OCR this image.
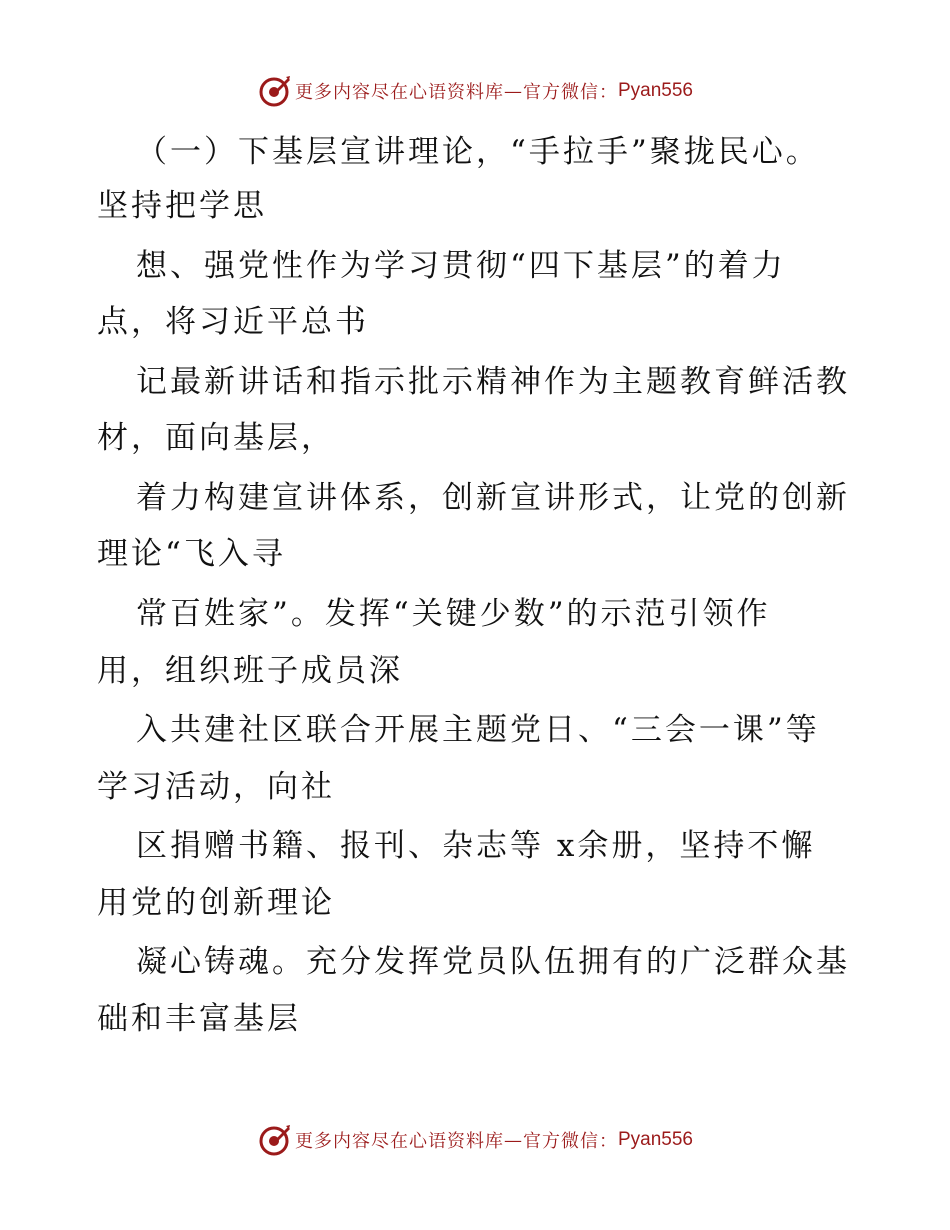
更多内容尽在心语资料库 — 官方微信： Pyan556
（一）下基层宣讲理论，“手拉手”聚拢民心。
坚持把学思
想、强党性作为学习贯彻“四下基层”的着力
点，将习近平总书
记最新讲话和指示批示精神作为主题教育鲜活教
材，面向基层，
着力构建宣讲体系，创新宣讲形式，让党的创新
理论“飞入寻
常百姓家”。发挥“关键少数”的示范引领作
用，组织班子成员深
入共建社区联合开展主题党日、“三会一课”等
学习活动，向社
区捐赠书籍、报刊、杂志等 x余册，坚持不懈
用党的创新理论
凝心铸魂。充分发挥党员队伍拥有的广泛群众基
础和丰富基层
更多内容尽在心语资料库 — 官方微信： Pyan556
